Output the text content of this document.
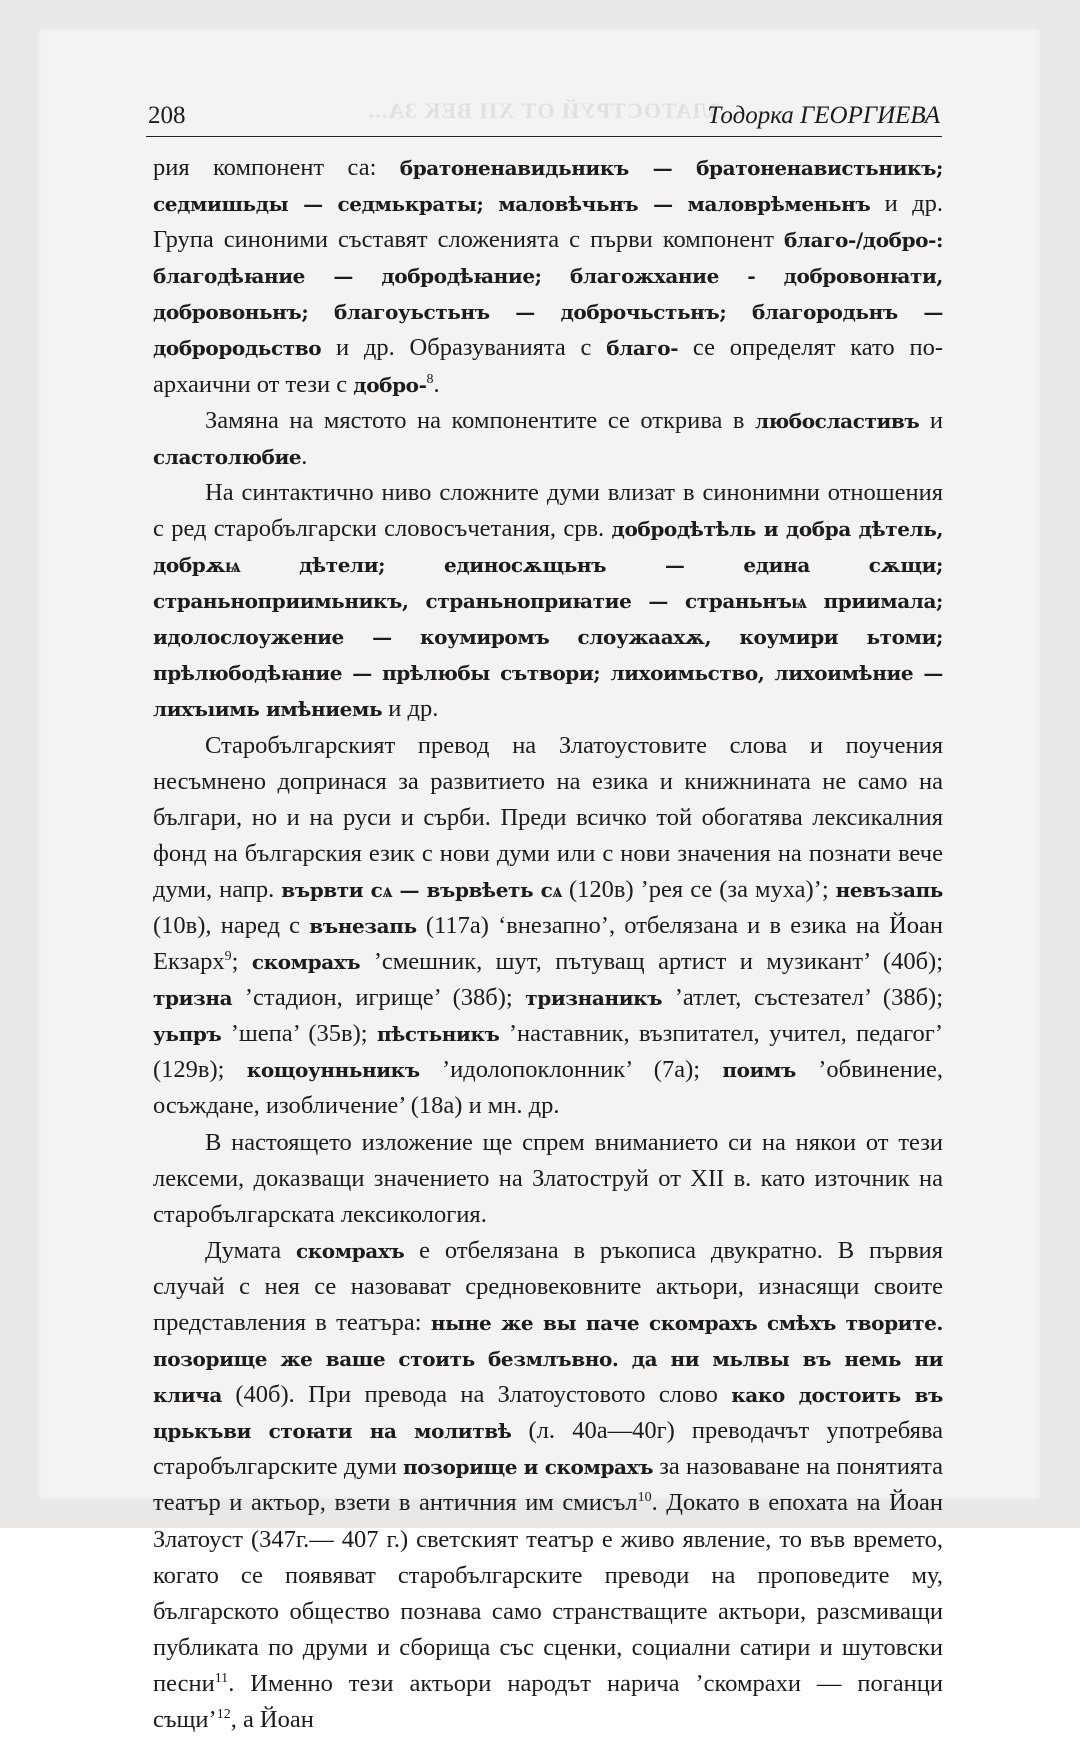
...ЗЛАТОСТРУЙ ОТ XII ВЕК ЗА...
208	Тодорка ГЕОРГИЕВА

рия компонент са: братоненавидьникъ — братоненавистьникъ; седмишьды — седмькраты; маловѣчьнъ — маловрѣменьнъ и др. Група синоними съставят сложенията с първи компонент благо-/добро-: благодѣꙗние — добродѣꙗние; благожхание - добровонꙗти, добровоньнъ; благоуьстьнъ — доброчьстьнъ; благородьнъ — доброродьство и др. Образуванията с благо- се определят като по-архаични от тези с добро-$^8$.

Замяна на мястото на компонентите се открива в любосластивъ и сластолюбие.

На синтактично ниво сложните думи влизат в синонимни отношения с ред старобългарски словосъчетания, срв. добродѣтѣль и добра дѣтель, добрѫѩ дѣтели; единосѫщьнъ — едина сѫщи; страньноприимьникъ, страньноприꙗтие — страньнъѩ приимала; идолослоужение — коумиромъ слоужаахѫ, коумири ьтоми; прѣлюбодѣꙗние — прѣлюбы сътвори; лихоимьство, лихоимѣние — лихъıимь имѣниемь и др.

Старобългарският превод на Златоустовите слова и поучения несъмнено допринася за развитието на езика и книжнината не само на българи, но и на руси и сърби. Преди всичко той обогатява лексикалния фонд на българския език с нови думи или с нови значения на познати вече думи, напр. вървти сѧ — вървѣеть сѧ (120в) ’рея се (за муха)’; невъзапь (10в), наред с вънезапь (117а) ‘внезапно’, отбелязана и в езика на Йоан Екзарх$^9$; скомрахъ ’смешник, шут, пътуващ артист и музикант’ (40б); тризна ’стадион, игрище’ (38б); тризнаникъ ’атлет, състезател’ (38б); уьпръ ’шепа’ (35в); пѣстьникъ ’наставник, възпитател, учител, педагог’ (129в); кощоунньникъ ’идолопоклонник’ (7а); поимъ ’обвинение, осъждане, изобличение’ (18а) и мн. др.

В настоящето изложение ще спрем вниманието си на някои от тези лексеми, доказващи значението на Златоструй от XII в. като източник на старобългарската лексикология.

Думата скомрахъ е отбелязана в ръкописа двукратно. В първия случай с нея се назовават средновековните актьори, изнасящи своите представления в театъра: ныне же вы паче скомрахъ смѣхъ творите. позорище же ваше стоить безмлъвно. да ни мьлвы въ немь ни клича (40б). При превода на Златоустовото слово како достоить въ црькъви стоꙗти на молитвѣ (л. 40а—40г) преводачът употребява старобългарските думи позорище и скомрахъ за назоваване на понятията театър и актьор, взети в античния им смисъл$^{10}$. Докато в епохата на Йоан Златоуст (347г.— 407 г.) светският театър е живо явление, то във времето, когато се появяват старобългарските преводи на проповедите му, българското общество познава само странстващите актьори, разсмиващи публиката по друми и сборища със сценки, социални сатири и шутовски песни$^{11}$. Именно тези актьори народът нарича ’скомрахи — поганци същи’$^{12}$, а Йоан
